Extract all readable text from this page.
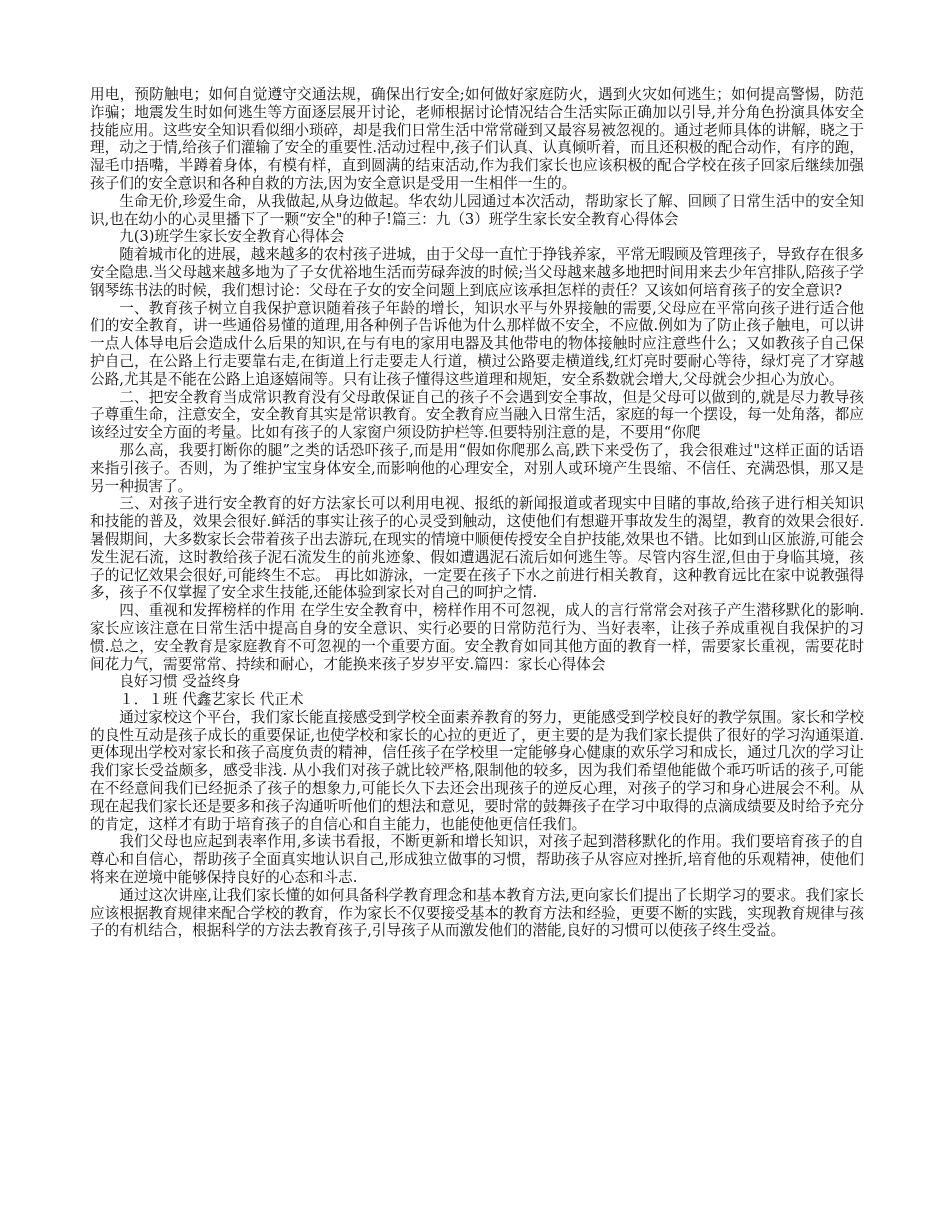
用电，预防触电；如何自觉遵守交通法规，确保出行安全;如何做好家庭防火，遇到火灾如何逃生；如何提高警惕，防范诈骗；地震发生时如何逃生等方面逐层展开讨论，老师根据讨论情况结合生活实际正确加以引导,并分角色扮演具体安全技能应用。这些安全知识看似细小琐碎，却是我们日常生活中常常碰到又最容易被忽视的。通过老师具体的讲解，晓之于理，动之于情,给孩子们灌输了安全的重要性.活动过程中,孩子们认真、认真倾听着，而且还积极的配合动作，有序的跑，湿毛巾捂嘴，半蹲着身体，有模有样，直到圆满的结束活动,作为我们家长也应该积极的配合学校在孩子回家后继续加强孩子们的安全意识和各种自救的方法,因为安全意识是受用一生相伴一生的。

生命无价,珍爱生命，从我做起,从身边做起。华农幼儿园通过本次活动，帮助家长了解、回顾了日常生活中的安全知识,也在幼小的心灵里播下了一颗“安全"的种子!篇三：九（3）班学生家长安全教育心得体会

九(3)班学生家长安全教育心得体会

随着城市化的进展，越来越多的农村孩子进城，由于父母一直忙于挣钱养家，平常无暇顾及管理孩子，导致存在很多安全隐患.当父母越来越多地为了子女优裕地生活而劳碌奔波的时候;当父母越来越多地把时间用来去少年宫排队,陪孩子学钢琴练书法的时候，我们想讨论：父母在子女的安全问题上到底应该承担怎样的责任？又该如何培育孩子的安全意识?

一、教育孩子树立自我保护意识随着孩子年龄的增长，知识水平与外界接触的需要,父母应在平常向孩子进行适合他们的安全教育，讲一些通俗易懂的道理,用各种例子告诉他为什么那样做不安全，不应做.例如为了防止孩子触电，可以讲一点人体导电后会造成什么后果的知识,在与有电的家用电器及其他带电的物体接触时应注意些什么；又如教孩子自己保护自己，在公路上行走要靠右走,在街道上行走要走人行道，横过公路要走横道线,红灯亮时要耐心等待，绿灯亮了才穿越公路,尤其是不能在公路上追逐嬉闹等。只有让孩子懂得这些道理和规矩，安全系数就会增大,父母就会少担心为放心。

二、把安全教育当成常识教育没有父母敢保证自己的孩子不会遇到安全事故，但是父母可以做到的,就是尽力教导孩子尊重生命，注意安全，安全教育其实是常识教育。安全教育应当融入日常生活，家庭的每一个摆设，每一处角落，都应该经过安全方面的考量。比如有孩子的人家窗户须设防护栏等.但要特别注意的是，不要用“你爬

那么高，我要打断你的腿”之类的话恐吓孩子,而是用“假如你爬那么高,跌下来受伤了，我会很难过"这样正面的话语来指引孩子。否则，为了维护宝宝身体安全,而影响他的心理安全，对别人或环境产生畏缩、不信任、充满恐惧，那又是另一种损害了。

三、对孩子进行安全教育的好方法家长可以利用电视、报纸的新闻报道或者现实中目睹的事故,给孩子进行相关知识和技能的普及，效果会很好.鲜活的事实让孩子的心灵受到触动，这使他们有想避开事故发生的渴望，教育的效果会很好. 暑假期间，大多数家长会带着孩子出去游玩,在现实的情境中顺便传授安全自护技能,效果也不错。比如到山区旅游,可能会发生泥石流，这时教给孩子泥石流发生的前兆迹象、假如遭遇泥石流后如何逃生等。尽管内容生涩,但由于身临其境，孩子的记忆效果会很好,可能终生不忘。 再比如游泳，一定要在孩子下水之前进行相关教育，这种教育远比在家中说教强得多，孩子不仅掌握了安全求生技能,还能体验到家长对自己的呵护之情.

四、重视和发挥榜样的作用 在学生安全教育中，榜样作用不可忽视，成人的言行常常会对孩子产生潜移默化的影响.家长应该注意在日常生活中提高自身的安全意识、实行必要的日常防范行为、当好表率，让孩子养成重视自我保护的习惯.总之，安全教育是家庭教育不可忽视的一个重要方面。安全教育如同其他方面的教育一样，需要家长重视，需要花时间花力气，需要常常、持续和耐心，才能换来孩子岁岁平安.篇四：家长心得体会

良好习惯 受益终身

１．１班 代鑫艺家长 代正术

通过家校这个平台，我们家长能直接感受到学校全面素养教育的努力，更能感受到学校良好的教学氛围。家长和学校的良性互动是孩子成长的重要保证,也使学校和家长的心拉的更近了，更主要的是为我们家长提供了很好的学习沟通渠道.更体现出学校对家长和孩子高度负责的精神，信任孩子在学校里一定能够身心健康的欢乐学习和成长，通过几次的学习让我们家长受益颇多，感受非浅. 从小我们对孩子就比较严格,限制他的较多，因为我们希望他能做个乖巧听话的孩子,可能在不经意间我们已经扼杀了孩子的想象力,可能长久下去还会出现孩子的逆反心理，对孩子的学习和身心进展会不利。从现在起我们家长还是要多和孩子沟通听听他们的想法和意见，要时常的鼓舞孩子在学习中取得的点滴成绩要及时给予充分的肯定，这样才有助于培育孩子的自信心和自主能力，也能使他更信任我们。

我们父母也应起到表率作用,多读书看报，不断更新和增长知识，对孩子起到潜移默化的作用。我们要培育孩子的自尊心和自信心，帮助孩子全面真实地认识自己,形成独立做事的习惯，帮助孩子从容应对挫折,培育他的乐观精神，使他们将来在逆境中能够保持良好的心态和斗志.

通过这次讲座,让我们家长懂的如何具备科学教育理念和基本教育方法,更向家长们提出了长期学习的要求。我们家长应该根据教育规律来配合学校的教育，作为家长不仅要接受基本的教育方法和经验，更要不断的实践，实现教育规律与孩子的有机结合，根据科学的方法去教育孩子,引导孩子从而激发他们的潜能,良好的习惯可以使孩子终生受益。
